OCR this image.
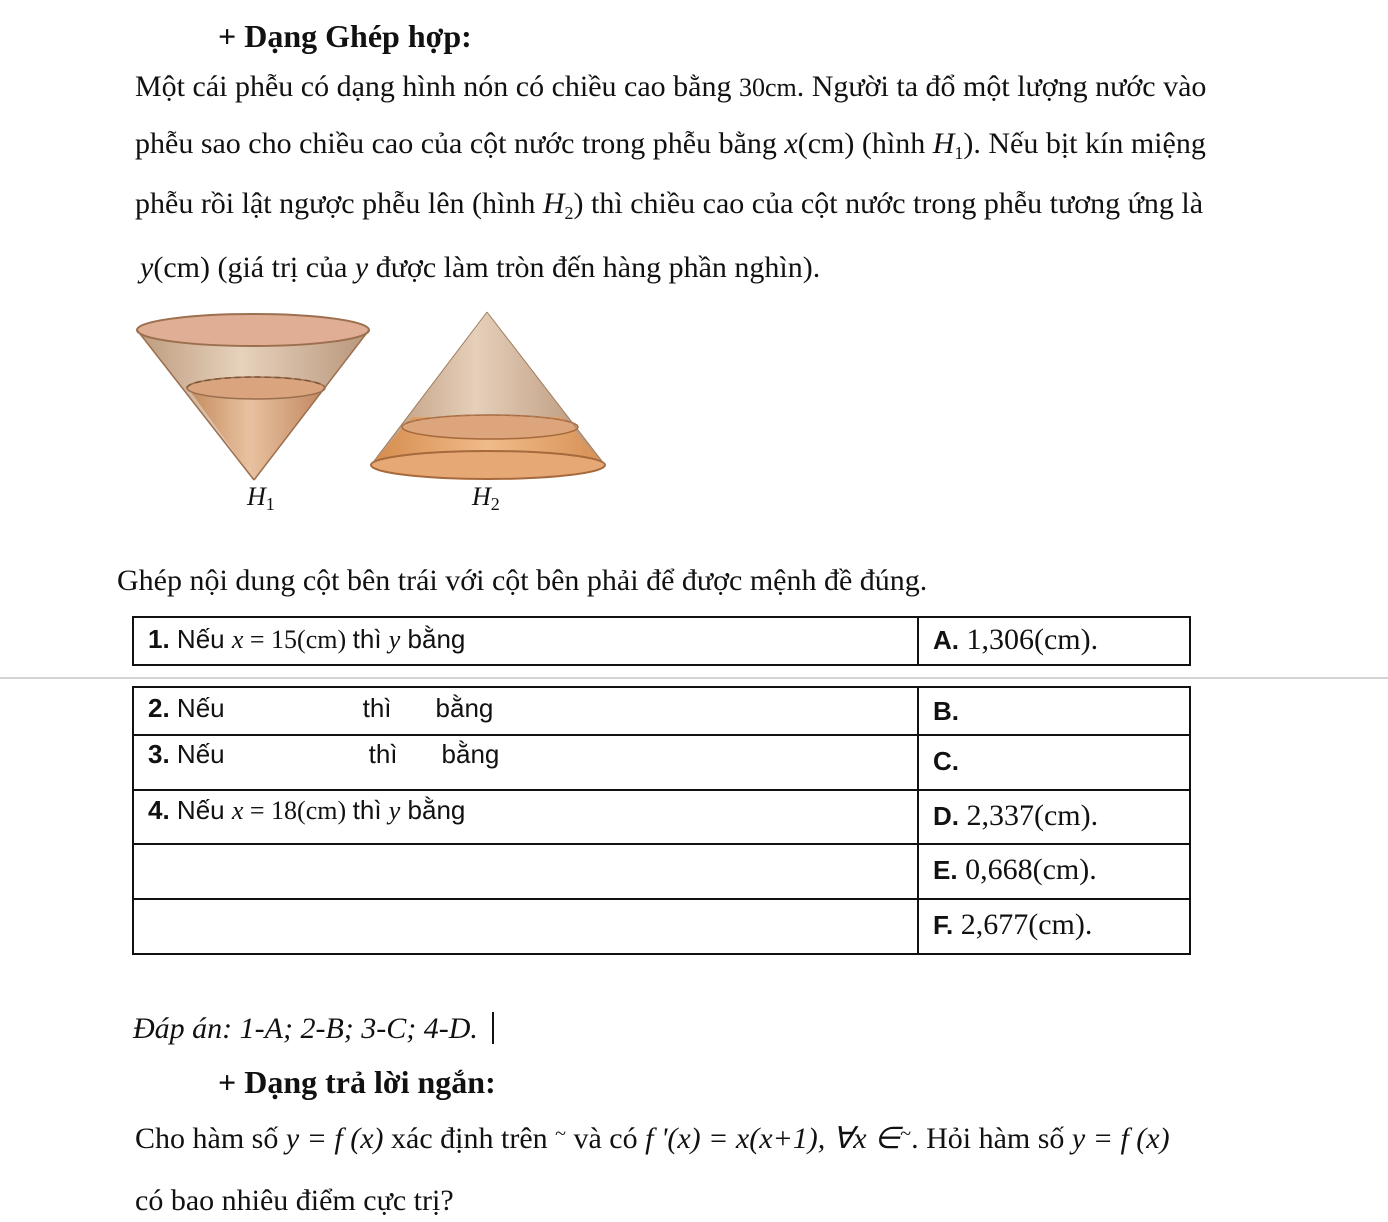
+ Dạng Ghép hợp:
Một cái phễu có dạng hình nón có chiều cao bằng 30cm. Người ta đổ một lượng nước vào
phễu sao cho chiều cao của cột nước trong phễu bằng x(cm) (hình $H_1$). Nếu bịt kín miệng
phễu rồi lật ngược phễu lên (hình $H_2$) thì chiều cao của cột nước trong phễu tương ứng là
y(cm) (giá trị của y được làm tròn đến hàng phần nghìn).
H1	H2
Ghép nội dung cột bên trái với cột bên phải để được mệnh đề đúng.
1. Nếu x = 15(cm) thì y bằng	A. 1,306(cm).
2. Nếu thì bằng	B.
3. Nếu thì bằng	C.
4. Nếu x = 18(cm) thì y bằng	D. 2,337(cm).
	E. 0,668(cm).
	F. 2,677(cm).
Đáp án: 1-A; 2-B; 3-C; 4-D.
+ Dạng trả lời ngắn:
Cho hàm số y = f (x) xác định trên ~ và có f '(x) = x(x+1), ∀x ∈~. Hỏi hàm số y = f (x)
có bao nhiêu điểm cực trị?
